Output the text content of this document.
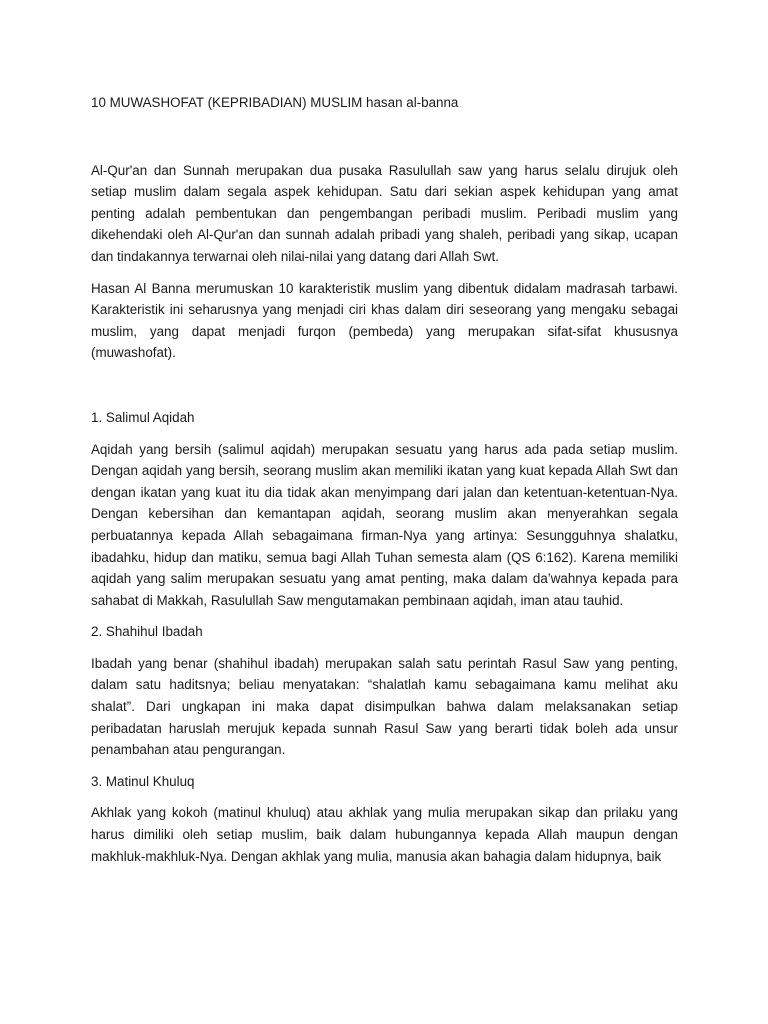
10 MUWASHOFAT (KEPRIBADIAN) MUSLIM hasan al-banna

Al-Qur'an dan Sunnah merupakan dua pusaka Rasulullah saw yang harus selalu dirujuk oleh setiap muslim dalam segala aspek kehidupan. Satu dari sekian aspek kehidupan yang amat penting adalah pembentukan dan pengembangan peribadi muslim. Peribadi muslim yang dikehendaki oleh Al-Qur'an dan sunnah adalah pribadi yang shaleh, peribadi yang sikap, ucapan dan tindakannya terwarnai oleh nilai-nilai yang datang dari Allah Swt.

Hasan Al Banna merumuskan 10 karakteristik muslim yang dibentuk didalam madrasah tarbawi. Karakteristik ini seharusnya yang menjadi ciri khas dalam diri seseorang yang mengaku sebagai muslim, yang dapat menjadi furqon (pembeda) yang merupakan sifat-sifat khususnya (muwashofat).

1. Salimul Aqidah

Aqidah yang bersih (salimul aqidah) merupakan sesuatu yang harus ada pada setiap muslim. Dengan aqidah yang bersih, seorang muslim akan memiliki ikatan yang kuat kepada Allah Swt dan dengan ikatan yang kuat itu dia tidak akan menyimpang dari jalan dan ketentuan-ketentuan-Nya. Dengan kebersihan dan kemantapan aqidah, seorang muslim akan menyerahkan segala perbuatannya kepada Allah sebagaimana firman-Nya yang artinya: Sesungguhnya shalatku, ibadahku, hidup dan matiku, semua bagi Allah Tuhan semesta alam (QS 6:162). Karena memiliki aqidah yang salim merupakan sesuatu yang amat penting, maka dalam da’wahnya kepada para sahabat di Makkah, Rasulullah Saw mengutamakan pembinaan aqidah, iman atau tauhid.

2. Shahihul Ibadah

Ibadah yang benar (shahihul ibadah) merupakan salah satu perintah Rasul Saw yang penting, dalam satu haditsnya; beliau menyatakan: “shalatlah kamu sebagaimana kamu melihat aku shalat”. Dari ungkapan ini maka dapat disimpulkan bahwa dalam melaksanakan setiap peribadatan haruslah merujuk kepada sunnah Rasul Saw yang berarti tidak boleh ada unsur penambahan atau pengurangan.

3. Matinul Khuluq

Akhlak yang kokoh (matinul khuluq) atau akhlak yang mulia merupakan sikap dan prilaku yang harus dimiliki oleh setiap muslim, baik dalam hubungannya kepada Allah maupun dengan makhluk-makhluk-Nya. Dengan akhlak yang mulia, manusia akan bahagia dalam hidupnya, baik
